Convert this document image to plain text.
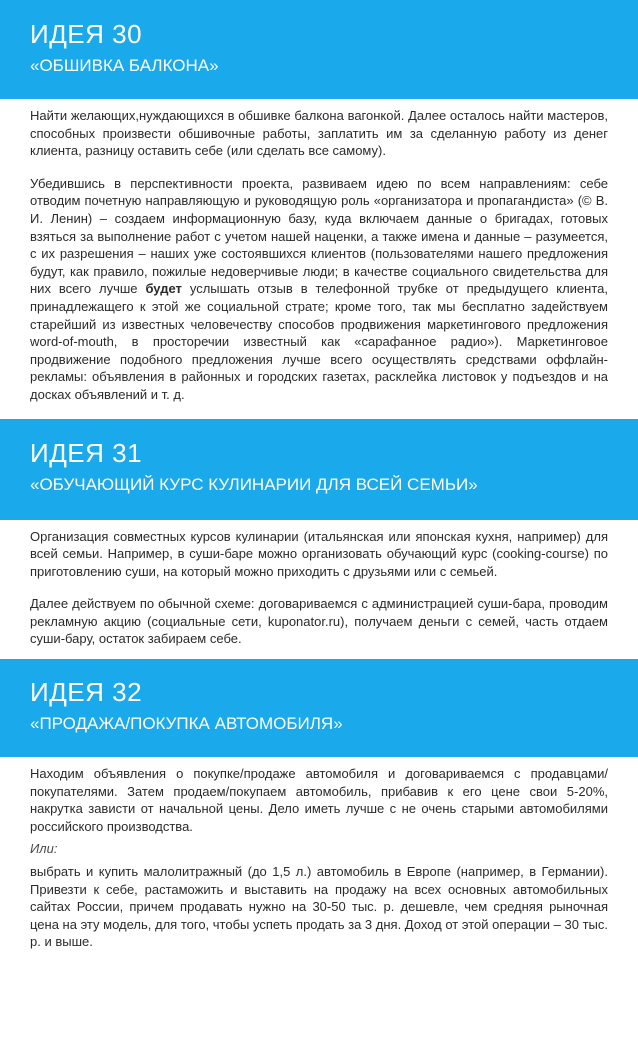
ИДЕЯ 30
«ОБШИВКА БАЛКОНА»

Найти желающих,нуждающихся в обшивке балкона вагонкой. Далее осталось найти мастеров, способных произвести обшивочные работы, заплатить им за сделанную работу из денег клиента, разницу оставить себе (или сделать все самому).

Убедившись в перспективности проекта, развиваем идею по всем направлениям: себе отводим почетную направляющую и руководящую роль «организатора и пропагандиста» (© В. И. Ленин) – создаем информационную базу, куда включаем данные о бригадах, готовых взяться за выполнение работ с учетом нашей наценки, а также имена и данные – разумеется, с их разрешения – наших уже состоявшихся клиентов (пользователями нашего предложения будут, как правило, пожилые недоверчивые люди; в качестве социального свидетельства для них всего лучше будет услышать отзыв в телефонной трубке от предыдущего клиента, принадлежащего к этой же социальной страте; кроме того, так мы бесплатно задействуем старейший из известных человечеству способов продвижения маркетингового предложения word-of-mouth, в просторечии известный как «сарафанное радио»). Маркетинговое продвижение подобного предложения лучше всего осуществлять средствами оффлайн-рекламы: объявления в районных и городских газетах, расклейка листовок у подъездов и на досках объявлений и т. д.

ИДЕЯ 31
«ОБУЧАЮЩИЙ КУРС КУЛИНАРИИ ДЛЯ ВСЕЙ СЕМЬИ»

Организация совместных курсов кулинарии (итальянская или японская кухня, например) для всей семьи. Например, в суши-баре можно организовать обучающий курс (cooking-course) по приготовлению суши, на который можно приходить с друзьями или с семьей.

Далее действуем по обычной схеме: договариваемся с администрацией суши-бара, проводим рекламную акцию (социальные сети, kuponator.ru), получаем деньги с семей, часть отдаем суши-бару, остаток забираем себе.

ИДЕЯ 32
«ПРОДАЖА/ПОКУПКА АВТОМОБИЛЯ»

Находим объявления о покупке/продаже автомобиля и договариваемся с продавцами/ покупателями. Затем продаем/покупаем автомобиль, прибавив к его цене свои 5-20%, накрутка зависти от начальной цены. Дело иметь лучше с не очень старыми автомобилями российского производства.

Или:

выбрать и купить малолитражный (до 1,5 л.) автомобиль в Европе (например, в Германии). Привезти к себе, растаможить и выставить на продажу на всех основных автомобильных сайтах России, причем продавать нужно на 30-50 тыс. р. дешевле, чем средняя рыночная цена на эту модель, для того, чтобы успеть продать за 3 дня. Доход от этой операции – 30 тыс. р. и выше.
